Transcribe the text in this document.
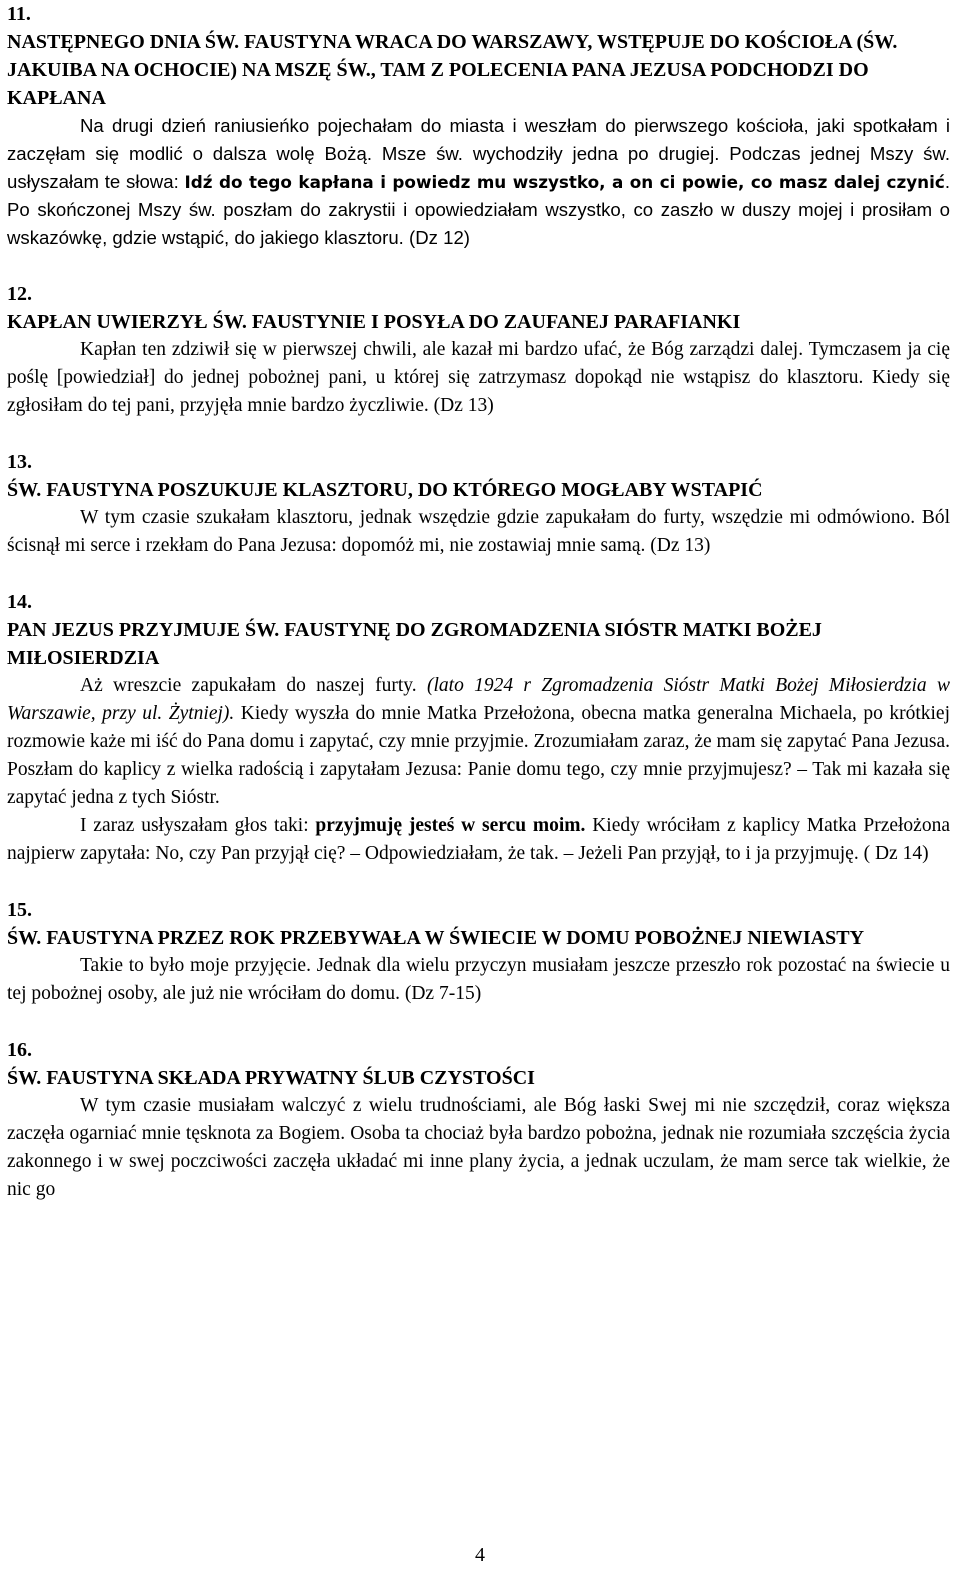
11.

NASTĘPNEGO DNIA ŚW. FAUSTYNA WRACA DO WARSZAWY, WSTĘPUJE DO KOŚCIOŁA (ŚW. JAKUIBA NA OCHOCIE) NA MSZĘ ŚW., TAM Z POLECENIA PANA JEZUSA PODCHODZI DO KAPŁANA

Na drugi dzień raniusieńko pojechałam do miasta i weszłam do pierwszego kościoła, jaki spotkałam i zaczęłam się modlić o dalsza wolę Bożą. Msze św. wychodziły jedna po drugiej. Podczas jednej Mszy św. usłyszałam te słowa: Idź do tego kapłana i powiedz mu wszystko, a on ci powie, co masz dalej czynić. Po skończonej Mszy św. poszłam do zakrystii i opowiedziałam wszystko, co zaszło w duszy mojej i prosiłam o wskazówkę, gdzie wstąpić, do jakiego klasztoru. (Dz 12)

12.

KAPŁAN UWIERZYŁ ŚW. FAUSTYNIE I POSYŁA DO ZAUFANEJ PARAFIANKI

Kapłan ten zdziwił się w pierwszej chwili, ale kazał mi bardzo ufać, że Bóg zarządzi dalej. Tymczasem ja cię poślę [powiedział] do jednej pobożnej pani, u której się zatrzymasz dopokąd nie wstąpisz do klasztoru. Kiedy się zgłosiłam do tej pani, przyjęła mnie bardzo życzliwie. (Dz 13)

13.

ŚW. FAUSTYNA POSZUKUJE KLASZTORU, DO KTÓREGO MOGŁABY WSTAPIĆ

W tym czasie szukałam klasztoru, jednak wszędzie gdzie zapukałam do furty, wszędzie mi odmówiono. Ból ścisnął mi serce i rzekłam do Pana Jezusa: dopomóż mi, nie zostawiaj mnie samą. (Dz 13)

14.

PAN JEZUS PRZYJMUJE ŚW. FAUSTYNĘ DO ZGROMADZENIA SIÓSTR MATKI BOŻEJ MIŁOSIERDZIA

Aż wreszcie zapukałam do naszej furty. (lato 1924 r Zgromadzenia Sióstr Matki Bożej Miłosierdzia w Warszawie, przy ul. Żytniej). Kiedy wyszła do mnie Matka Przełożona, obecna matka generalna Michaela, po krótkiej rozmowie każe mi iść do Pana domu i zapytać, czy mnie przyjmie. Zrozumiałam zaraz, że mam się zapytać Pana Jezusa. Poszłam do kaplicy z wielka radością i zapytałam Jezusa: Panie domu tego, czy mnie przyjmujesz? – Tak mi kazała się zapytać jedna z tych Sióstr.

I zaraz usłyszałam głos taki: przyjmuję jesteś w sercu moim. Kiedy wróciłam z kaplicy Matka Przełożona najpierw zapytała: No, czy Pan przyjął cię? – Odpowiedziałam, że tak. – Jeżeli Pan przyjął, to i ja przyjmuję. ( Dz 14)

15.

ŚW. FAUSTYNA PRZEZ ROK PRZEBYWAŁA W ŚWIECIE W DOMU POBOŻNEJ NIEWIASTY

Takie to było moje przyjęcie. Jednak dla wielu przyczyn musiałam jeszcze przeszło rok pozostać na świecie u tej pobożnej osoby, ale już nie wróciłam do domu. (Dz 7-15)

16.

ŚW. FAUSTYNA SKŁADA PRYWATNY ŚLUB CZYSTOŚCI

W tym czasie musiałam walczyć z wielu trudnościami, ale Bóg łaski Swej mi nie szczędził, coraz większa zaczęła ogarniać mnie tęsknota za Bogiem. Osoba ta chociaż była bardzo pobożna, jednak nie rozumiała szczęścia życia zakonnego i w swej poczciwości zaczęła układać mi inne plany życia, a jednak uczulam, że mam serce tak wielkie, że nic go

4
